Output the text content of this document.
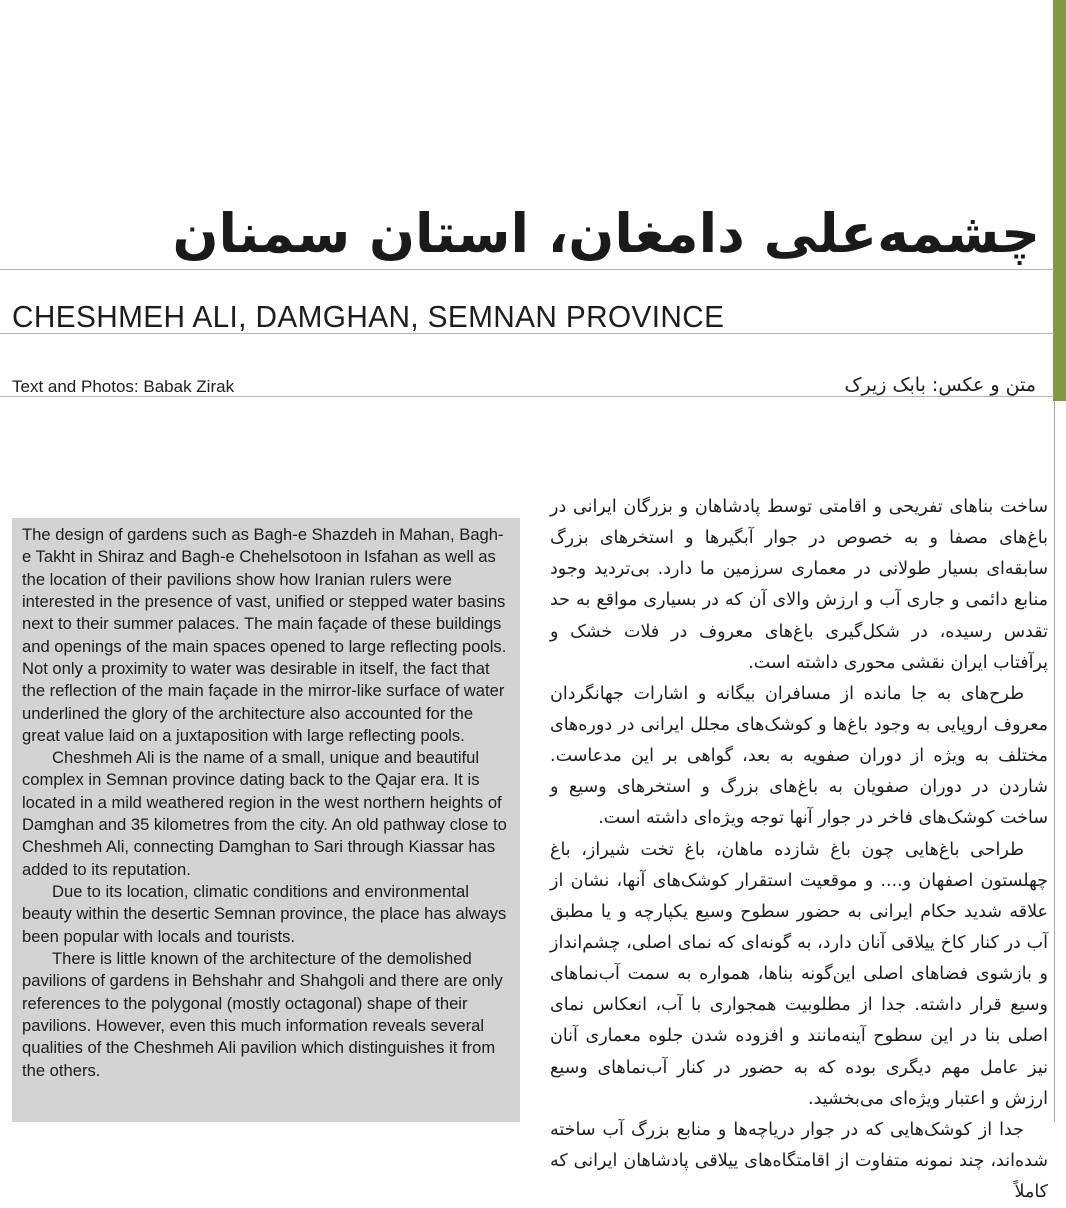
چشمه‌علی دامغان، استان سمنان
CHESHMEH ALI, DAMGHAN, SEMNAN PROVINCE
Text and Photos: Babak Zirak	متن و عکس: بابک زیرک

The design of gardens such as Bagh-e Shazdeh in Mahan, Bagh-e Takht in Shiraz and Bagh-e Chehelsotoon in Isfahan as well as the location of their pavilions show how Iranian rulers were interested in the presence of vast, unified or stepped water basins next to their summer palaces. The main façade of these buildings and openings of the main spaces opened to large reflecting pools. Not only a proximity to water was desirable in itself, the fact that the reflection of the main façade in the mirror-like surface of water underlined the glory of the architecture also accounted for the great value laid on a juxtaposition with large reflecting pools.

Cheshmeh Ali is the name of a small, unique and beautiful complex in Semnan province dating back to the Qajar era. It is located in a mild weathered region in the west northern heights of Damghan and 35 kilometres from the city. An old pathway close to Cheshmeh Ali, connecting Damghan to Sari through Kiassar has added to its reputation.

Due to its location, climatic conditions and environmental beauty within the desertic Semnan province, the place has always been popular with locals and tourists.

There is little known of the architecture of the demolished pavilions of gardens in Behshahr and Shahgoli and there are only references to the polygonal (mostly octagonal) shape of their pavilions. However, even this much information reveals several qualities of the Cheshmeh Ali pavilion which distinguishes it from the others.

ساخت بناهای تفریحی و اقامتی توسط پادشاهان و بزرگان ایرانی در باغ‌های مصفا و به خصوص در جوار آبگیرها و استخرهای بزرگ سابقه‌ای بسیار طولانی در معماری سرزمین ما دارد. بی‌تردید وجود منابع دائمی و جاری آب و ارزش والای آن که در بسیاری مواقع به حد تقدس رسیده، در شکل‌گیری باغ‌های معروف در فلات خشک و پرآفتاب ایران نقشی محوری داشته است.

طرح‌های به جا مانده از مسافران بیگانه و اشارات جهانگردان معروف اروپایی به وجود باغ‌ها و کوشک‌های مجلل ایرانی در دوره‌های مختلف به ویژه از دوران صفویه به بعد، گواهی بر این مدعاست. شاردن در دوران صفویان به باغ‌های بزرگ و استخرهای وسیع و ساخت کوشک‌های فاخر در جوار آنها توجه ویژه‌ای داشته است.

طراحی باغ‌هایی چون باغ شازده ماهان، باغ تخت شیراز، باغ چهلستون اصفهان و.... و موقعیت استقرار کوشک‌های آنها، نشان از علاقه شدید حکام ایرانی به حضور سطوح وسیع یکپارچه و یا مطبق آب در کنار کاخ ییلاقی آنان دارد، به گونه‌ای که نمای اصلی، چشم‌انداز و بازشوی فضاهای اصلی این‌گونه بناها، همواره به سمت آب‌نماهای وسیع قرار داشته. جدا از مطلوبیت همجواری با آب، انعکاس نمای اصلی بنا در این سطوح آینه‌مانند و افزوده شدن جلوه معماری آنان نیز عامل مهم دیگری بوده که به حضور در کنار آب‌نماهای وسیع ارزش و اعتبار ویژه‌ای می‌بخشید.

جدا از کوشک‌هایی که در جوار دریاچه‌ها و منابع بزرگ آب ساخته شده‌اند، چند نمونه متفاوت از اقامتگاه‌های ییلاقی پادشاهان ایرانی که کاملاً
